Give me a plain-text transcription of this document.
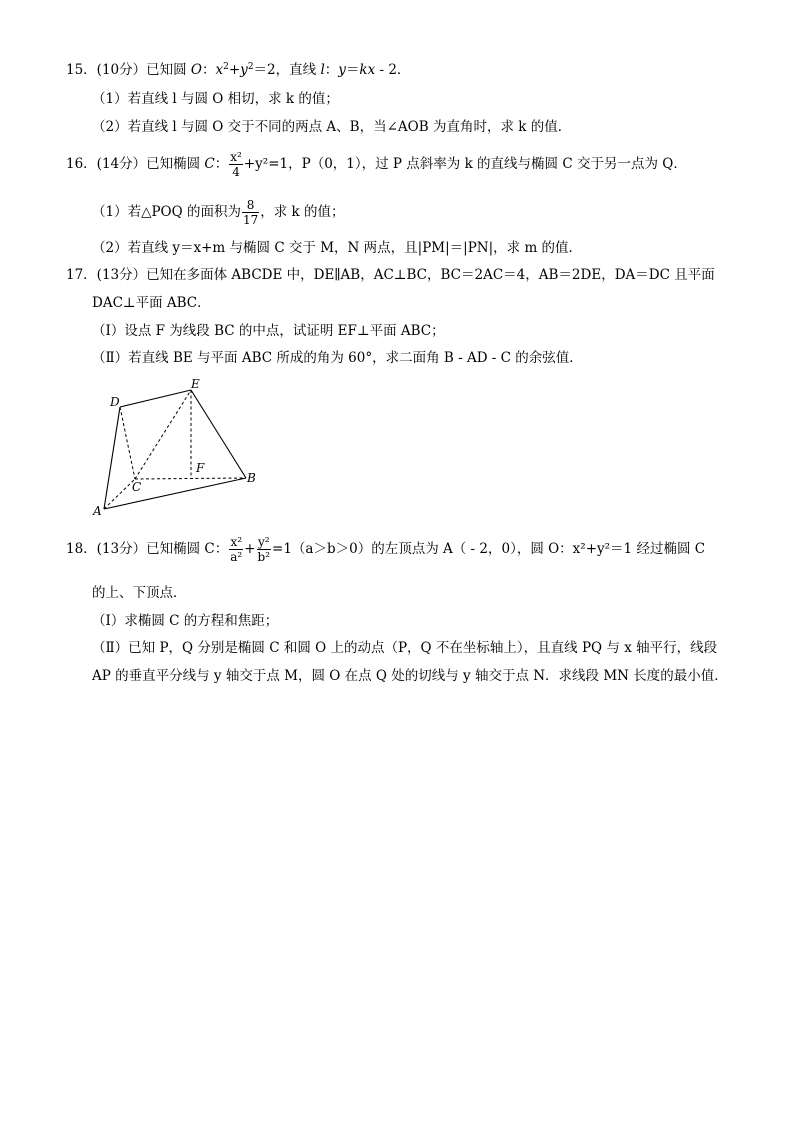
15．(10分）已知圆 O：$x^2+y^2=2$，直线 l：y＝kx - 2．
（1）若直线 l 与圆 O 相切，求 k 的值；
（2）若直线 l 与圆 O 交于不同的两点 A、B，当∠AOB 为直角时，求 k 的值．
16．(14分）已知椭圆 C： $\frac{\text{x²}}{4} +y^2=1$，P（0，1），过 P 点斜率为 k 的直线与椭圆 C 交于另一点为 Q．
（1）若△POQ 的面积为 $\frac{8}{17}$ ，求 k 的值；
（2）若直线 y＝x+m 与椭圆 C 交于 M，N 两点，且|PM|＝|PN|，求 m 的值．
17．(13分）已知在多面体 ABCDE 中，DE∥AB，AC⊥BC，BC＝2AC＝4，AB＝2DE，DA＝DC 且平面
DAC⊥平面 ABC．
（Ⅰ）设点 F 为线段 BC 的中点，试证明 EF⊥平面 ABC；
（Ⅱ）若直线 BE 与平面 ABC 所成的角为 60°，求二面角 B - AD - C 的余弦值．
D
E
F
C
B
A
18．(13分）已知椭圆 C： $\frac{\text{x²}}{\text{a²}} + \frac{\text{y²}}{\text{b²}} =1(a>b>0)$的左顶点为 A（ - 2，0），圆 O：x²+y²＝1 经过椭圆 C
的上、下顶点．
（Ⅰ）求椭圆 C 的方程和焦距；
（Ⅱ）已知 P，Q 分别是椭圆 C 和圆 O 上的动点（P，Q 不在坐标轴上），且直线 PQ 与 x 轴平行，线段
AP 的垂直平分线与 y 轴交于点 M，圆 O 在点 Q 处的切线与 y 轴交于点 N．求线段 MN 长度的最小值．
